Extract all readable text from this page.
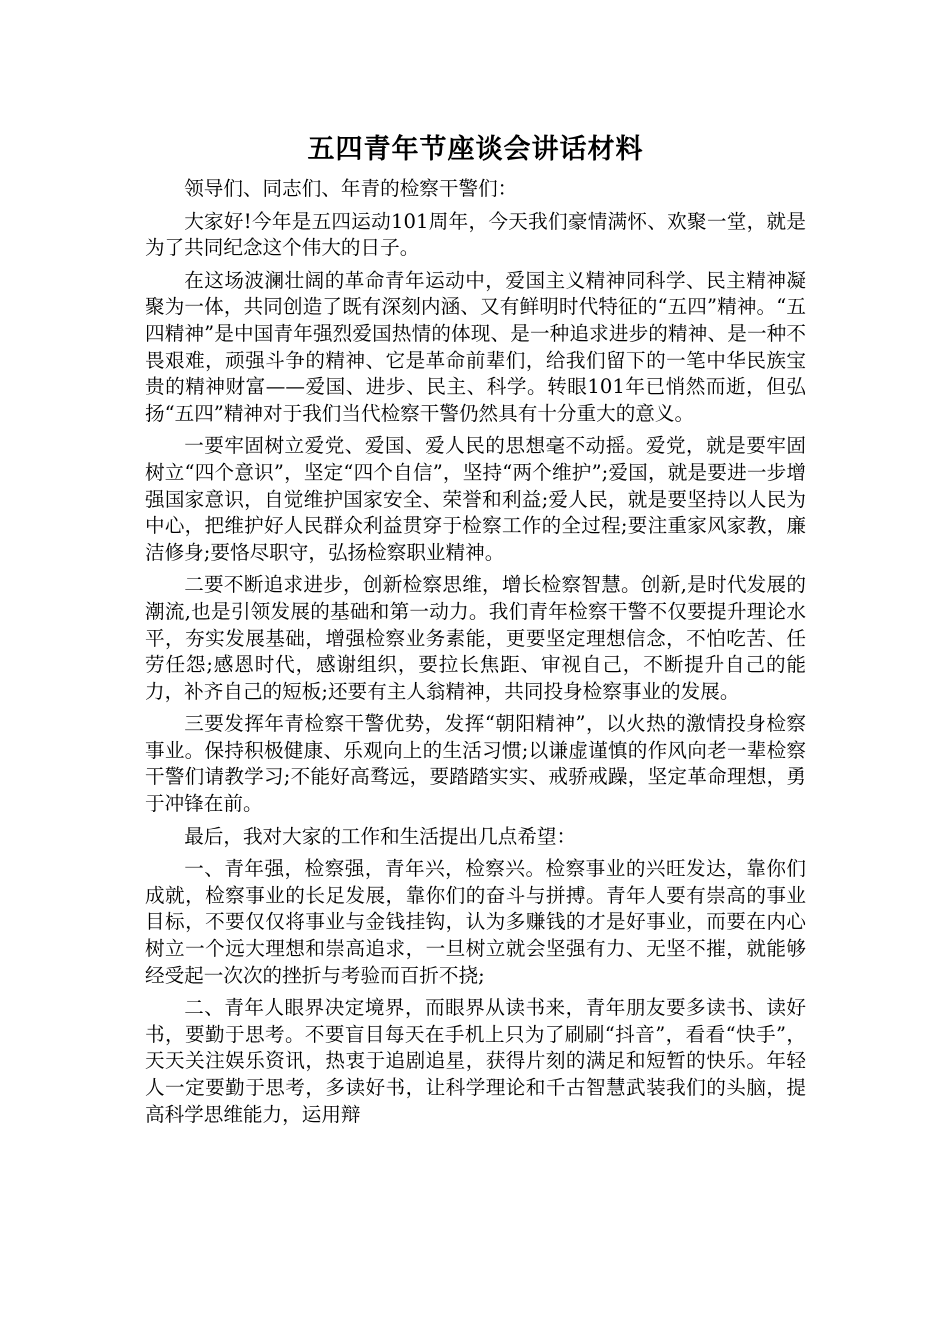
五四青年节座谈会讲话材料

领导们、同志们、年青的检察干警们：

大家好!今年是五四运动101周年，今天我们豪情满怀、欢聚一堂，就是为了共同纪念这个伟大的日子。

在这场波澜壮阔的革命青年运动中，爱国主义精神同科学、民主精神凝聚为一体，共同创造了既有深刻内涵、又有鲜明时代特征的“五四”精神。“五四精神”是中国青年强烈爱国热情的体现、是一种追求进步的精神、是一种不畏艰难，顽强斗争的精神、它是革命前辈们，给我们留下的一笔中华民族宝贵的精神财富——爱国、进步、民主、科学。转眼101年已悄然而逝，但弘扬“五四”精神对于我们当代检察干警仍然具有十分重大的意义。

一要牢固树立爱党、爱国、爱人民的思想毫不动摇。爱党，就是要牢固树立“四个意识”，坚定“四个自信”，坚持“两个维护”;爱国，就是要进一步增强国家意识，自觉维护国家安全、荣誉和利益;爱人民，就是要坚持以人民为中心，把维护好人民群众利益贯穿于检察工作的全过程;要注重家风家教，廉洁修身;要恪尽职守，弘扬检察职业精神。

二要不断追求进步，创新检察思维，增长检察智慧。创新,是时代发展的潮流,也是引领发展的基础和第一动力。我们青年检察干警不仅要提升理论水平，夯实发展基础，增强检察业务素能，更要坚定理想信念，不怕吃苦、任劳任怨;感恩时代，感谢组织，要拉长焦距、审视自己，不断提升自己的能力，补齐自己的短板;还要有主人翁精神，共同投身检察事业的发展。

三要发挥年青检察干警优势，发挥“朝阳精神”，以火热的激情投身检察事业。保持积极健康、乐观向上的生活习惯;以谦虚谨慎的作风向老一辈检察干警们请教学习;不能好高骛远，要踏踏实实、戒骄戒躁，坚定革命理想，勇于冲锋在前。

最后，我对大家的工作和生活提出几点希望：

一、青年强，检察强，青年兴，检察兴。检察事业的兴旺发达，靠你们成就，检察事业的长足发展，靠你们的奋斗与拼搏。青年人要有崇高的事业目标，不要仅仅将事业与金钱挂钩，认为多赚钱的才是好事业，而要在内心树立一个远大理想和崇高追求，一旦树立就会坚强有力、无坚不摧，就能够经受起一次次的挫折与考验而百折不挠;

二、青年人眼界决定境界，而眼界从读书来，青年朋友要多读书、读好书，要勤于思考。不要盲目每天在手机上只为了刷刷“抖音”，看看“快手”，天天关注娱乐资讯，热衷于追剧追星，获得片刻的满足和短暂的快乐。年轻人一定要勤于思考，多读好书，让科学理论和千古智慧武装我们的头脑，提高科学思维能力，运用辩
